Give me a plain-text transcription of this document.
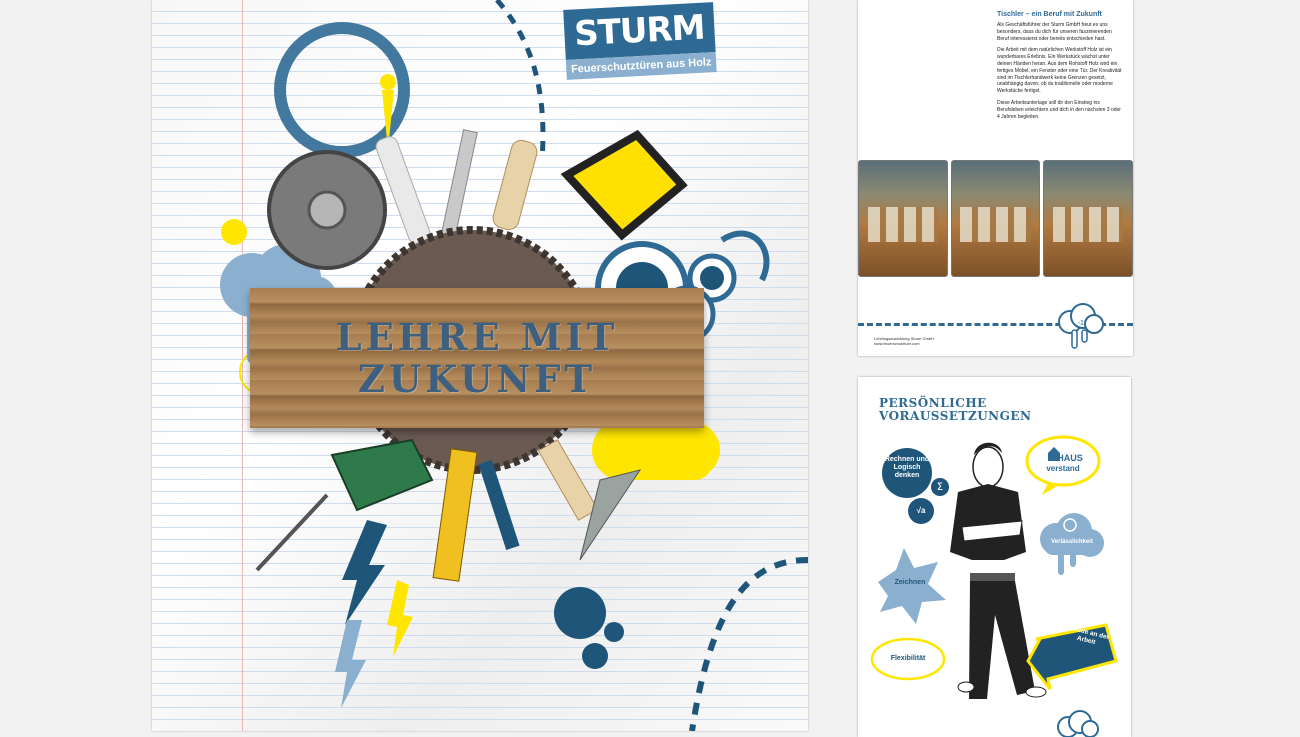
STURM
Feuerschutztüren aus Holz
LEHRE MIT
ZUKUNFT
Tischler – ein Beruf mit Zukunft

Als Geschäftsführer der Sturm GmbH freut es uns besonders, dass du dich für unseren faszinierenden Beruf interessierst oder bereits entschieden hast.

Die Arbeit mit dem natürlichen Werkstoff Holz ist ein wunderbares Erlebnis. Ein Werkstück wächst unter deinen Händen heran. Aus dem Rohstoff Holz wird ein fertiges Möbel, ein Fenster oder eine Tür. Der Kreativität sind im Tischlerhandwerk keine Grenzen gesetzt, unabhängig davon, ob du traditionelle oder moderne Werkstücke fertigst.

Diese Arbeitsunterlage soll dir den Einstieg ins Berufsleben erleichtern und dich in den nächsten 3 oder 4 Jahren begleiten.

-1-
Lehrlingsausbildung Sturm GmbH
www.feuerschutztuer.com
PERSÖNLICHE
VORAUSSETZUNGEN
Rechnen und Logisch denken
∑
√a
HAUS
verstand
Verlässlichkeit
Zeichnen
Freude an der Arbeit
Flexibilität
